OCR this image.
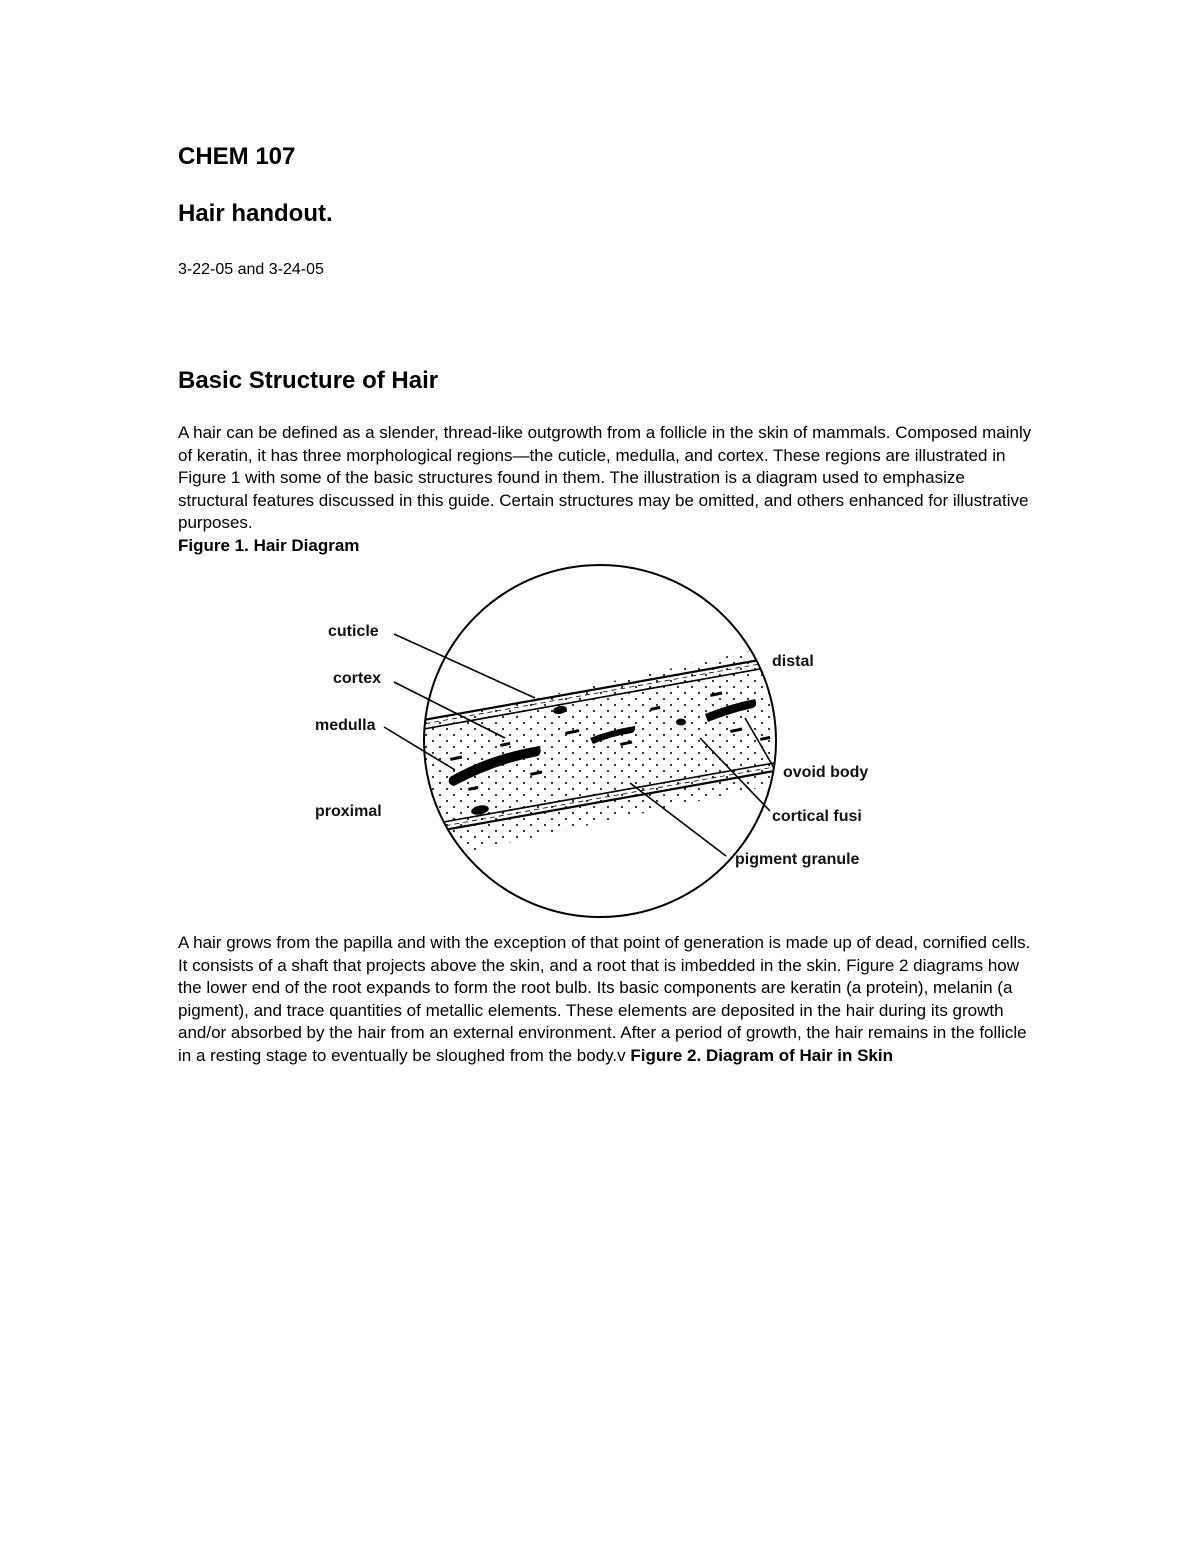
CHEM 107
Hair handout.

3-22-05 and 3-24-05

Basic Structure of Hair
A hair can be defined as a slender, thread-like outgrowth from a follicle in the skin of mammals. Composed mainly of keratin, it has three morphological regions—the cuticle, medulla, and cortex. These regions are illustrated in Figure 1 with some of the basic structures found in them. The illustration is a diagram used to emphasize structural features discussed in this guide. Certain structures may be omitted, and others enhanced for illustrative purposes.
Figure 1. Hair Diagram
cuticle
cortex
medulla
proximal
distal
ovoid body
cortical fusi
pigment granule
A hair grows from the papilla and with the exception of that point of generation is made up of dead, cornified cells. It consists of a shaft that projects above the skin, and a root that is imbedded in the skin. Figure 2 diagrams how the lower end of the root expands to form the root bulb. Its basic components are keratin (a protein), melanin (a pigment), and trace quantities of metallic elements. These elements are deposited in the hair during its growth and/or absorbed by the hair from an external environment. After a period of growth, the hair remains in the follicle in a resting stage to eventually be sloughed from the body.v Figure 2. Diagram of Hair in Skin
